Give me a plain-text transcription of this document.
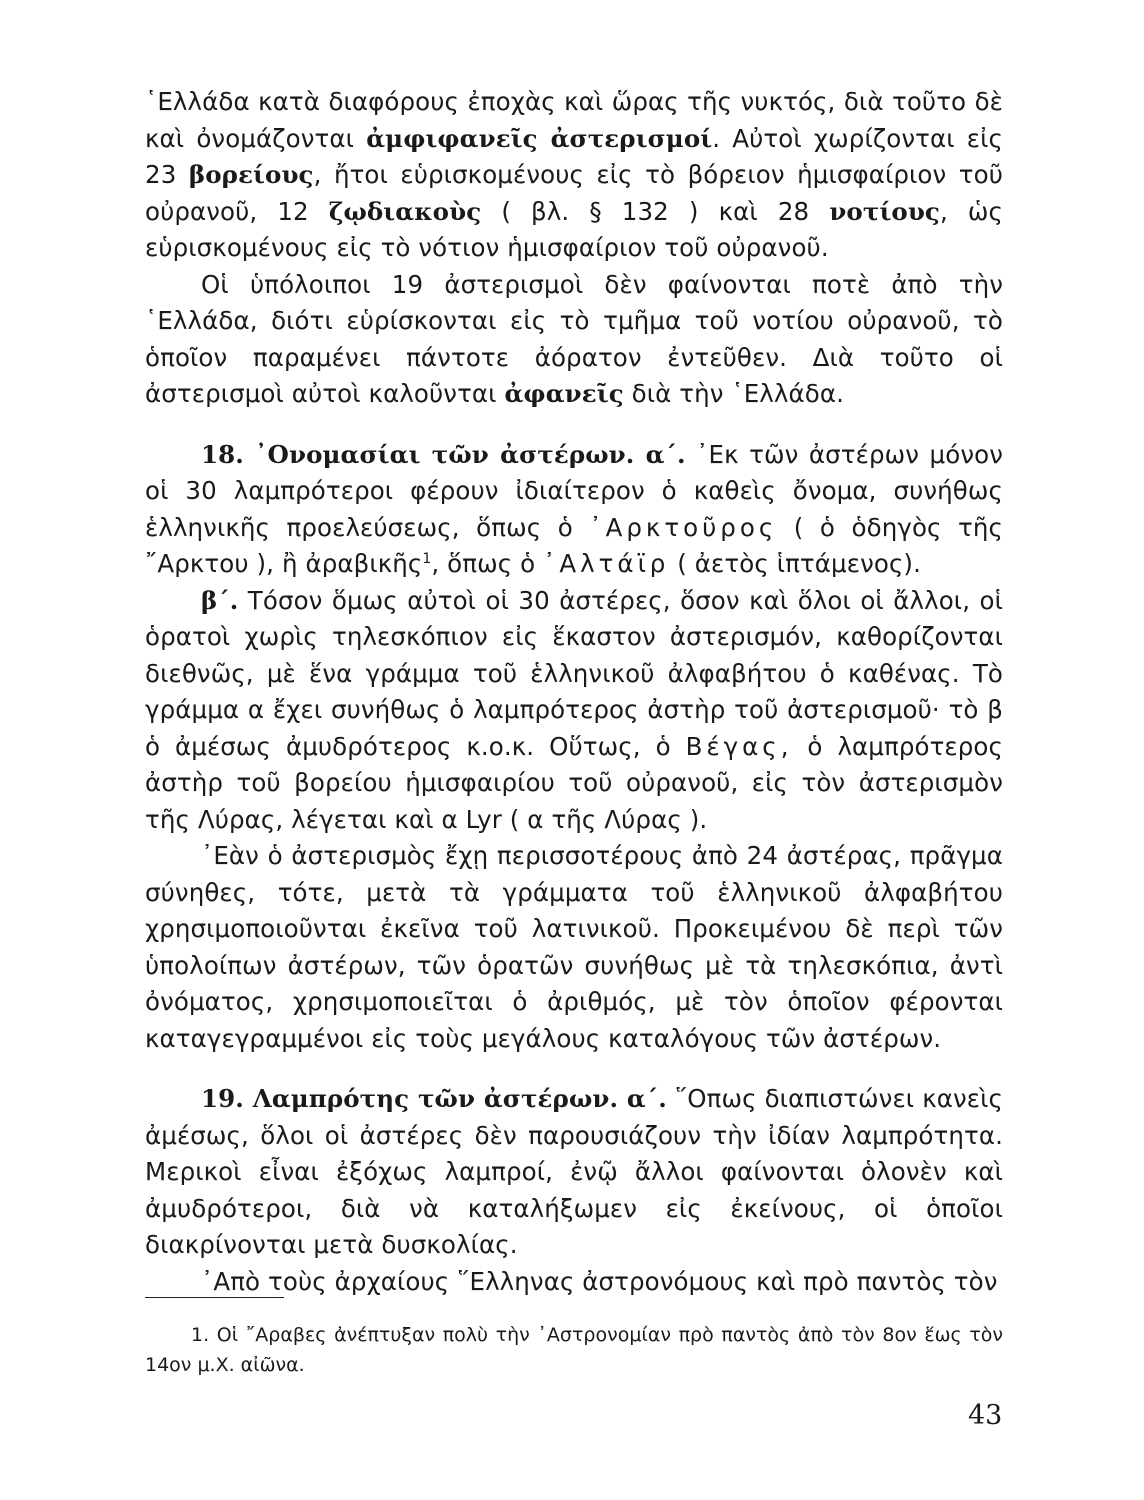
῾Ελλάδα κατὰ διαφόρους ἐποχὰς καὶ ὥρας τῆς νυκτός, διὰ τοῦτο δὲ καὶ ὀνομάζονται ἀμφιφανεῖς ἀστερισμοί. Αὐτοὶ χωρίζονται εἰς 23 βορείους, ἤτοι εὑρισκομένους εἰς τὸ βόρειον ἡμισφαίριον τοῦ οὐρανοῦ, 12 ζῳδιακοὺς ( βλ. § 132 ) καὶ 28 νοτίους, ὡς εὑρισκομένους εἰς τὸ νότιον ἡμισφαίριον τοῦ οὐρανοῦ.

Οἱ ὑπόλοιποι 19 ἀστερισμοὶ δὲν φαίνονται ποτὲ ἀπὸ τὴν ῾Ελλάδα, διότι εὑρίσκονται εἰς τὸ τμῆμα τοῦ νοτίου οὐρανοῦ, τὸ ὁποῖον παραμένει πάντοτε ἀόρατον ἐντεῦθεν. Διὰ τοῦτο οἱ ἀστερισμοὶ αὐτοὶ καλοῦνται ἀφανεῖς διὰ τὴν ῾Ελλάδα.

18. ᾿Ονομασίαι τῶν ἀστέρων. α΄. ᾿Εκ τῶν ἀστέρων μόνον οἱ 30 λαμπρότεροι φέρουν ἰδιαίτερον ὁ καθεὶς ὄνομα, συνήθως ἑλληνικῆς προελεύσεως, ὅπως ὁ ᾿Αρκτοῦρος ( ὁ ὁδηγὸς τῆς ῎Αρκτου ), ἢ ἀραβικῆς$^1$, ὅπως ὁ ᾿Αλτάϊρ ( ἀετὸς ἱπτάμενος).

β΄. Τόσον ὅμως αὐτοὶ οἱ 30 ἀστέρες, ὅσον καὶ ὅλοι οἱ ἄλλοι, οἱ ὁρατοὶ χωρὶς τηλεσκόπιον εἰς ἕκαστον ἀστερισμόν, καθορίζονται διεθνῶς, μὲ ἕνα γράμμα τοῦ ἑλληνικοῦ ἀλφαβήτου ὁ καθένας. Τὸ γράμμα α ἔχει συνήθως ὁ λαμπρότερος ἀστὴρ τοῦ ἀστερισμοῦ· τὸ β ὁ ἀμέσως ἀμυδρότερος κ.ο.κ. Οὕτως, ὁ Βέγας, ὁ λαμπρότερος ἀστὴρ τοῦ βορείου ἡμισφαιρίου τοῦ οὐρανοῦ, εἰς τὸν ἀστερισμὸν τῆς Λύρας, λέγεται καὶ α Lyr ( α τῆς Λύρας ).

᾿Εὰν ὁ ἀστερισμὸς ἔχῃ περισσοτέρους ἀπὸ 24 ἀστέρας, πρᾶγμα σύνηθες, τότε, μετὰ τὰ γράμματα τοῦ ἑλληνικοῦ ἀλφαβήτου χρησιμοποιοῦνται ἐκεῖνα τοῦ λατινικοῦ. Προκειμένου δὲ περὶ τῶν ὑπολοίπων ἀστέρων, τῶν ὁρατῶν συνήθως μὲ τὰ τηλεσκόπια, ἀντὶ ὀνόματος, χρησιμοποιεῖται ὁ ἀριθμός, μὲ τὸν ὁποῖον φέρονται καταγεγραμμένοι εἰς τοὺς μεγάλους καταλόγους τῶν ἀστέρων.

19. Λαμπρότης τῶν ἀστέρων. α΄. ῞Οπως διαπιστώνει κανεὶς ἀμέσως, ὅλοι οἱ ἀστέρες δὲν παρουσιάζουν τὴν ἰδίαν λαμπρότητα. Μερικοὶ εἶναι ἐξόχως λαμπροί, ἐνῷ ἄλλοι φαίνονται ὁλονὲν καὶ ἀμυδρότεροι, διὰ νὰ καταλήξωμεν εἰς ἐκείνους, οἱ ὁποῖοι διακρίνονται μετὰ δυσκολίας.

᾿Απὸ τοὺς ἀρχαίους ῞Ελληνας ἀστρονόμους καὶ πρὸ παντὸς τὸν

1. Οἱ ῎Αραβες ἀνέπτυξαν πολὺ τὴν ᾿Αστρονομίαν πρὸ παντὸς ἀπὸ τὸν 8ον ἕως τὸν 14ον μ.Χ. αἰῶνα.

43
